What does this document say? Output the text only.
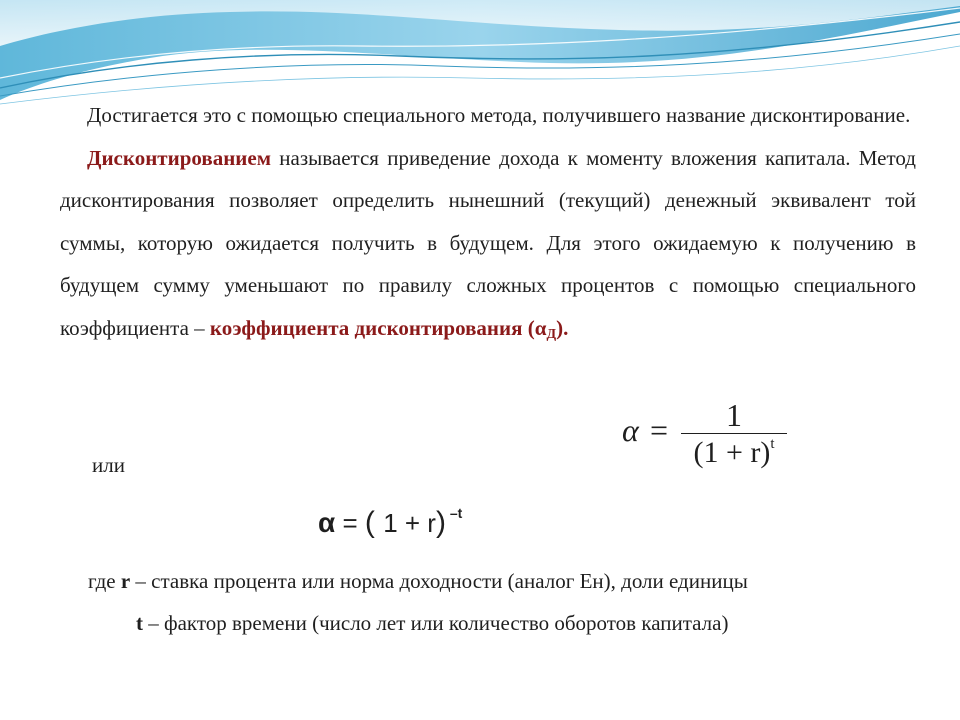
Достигается это с помощью специального метода, получившего название дисконтирование.

Дисконтированием называется приведение дохода к моменту вложения капитала. Метод дисконтирования позволяет определить нынешний (текущий) денежный эквивалент той суммы, которую ожидается получить в будущем. Для этого ожидаемую к получению в будущем сумму уменьшают по правилу сложных процентов с помощью специального коэффициента – коэффициента дисконтирования (αД).

или
α =	1
$(1 + r)^t$
α = ( 1 + r) $^{-t}$
где r – ставка процента или норма доходности (аналог Ен), доли единицы
t – фактор времени (число лет или количество оборотов капитала)
